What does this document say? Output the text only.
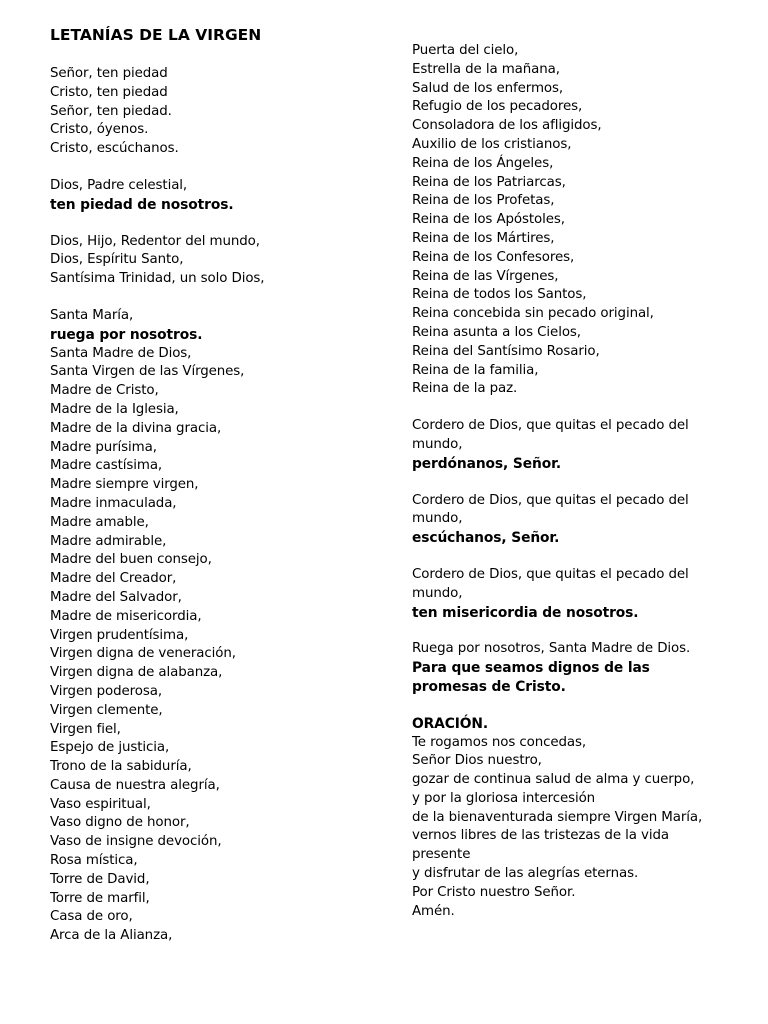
LETANÍAS DE LA VIRGEN
Señor, ten piedad
Cristo, ten piedad
Señor, ten piedad.
Cristo, óyenos.
Cristo, escúchanos.
Dios, Padre celestial,
ten piedad de nosotros.
Dios, Hijo, Redentor del mundo,
Dios, Espíritu Santo,
Santísima Trinidad, un solo Dios,
Santa María,
ruega por nosotros.
Santa Madre de Dios,
Santa Virgen de las Vírgenes,
Madre de Cristo,
Madre de la Iglesia,
Madre de la divina gracia,
Madre purísima,
Madre castísima,
Madre siempre virgen,
Madre inmaculada,
Madre amable,
Madre admirable,
Madre del buen consejo,
Madre del Creador,
Madre del Salvador,
Madre de misericordia,
Virgen prudentísima,
Virgen digna de veneración,
Virgen digna de alabanza,
Virgen poderosa,
Virgen clemente,
Virgen fiel,
Espejo de justicia,
Trono de la sabiduría,
Causa de nuestra alegría,
Vaso espiritual,
Vaso digno de honor,
Vaso de insigne devoción,
Rosa mística,
Torre de David,
Torre de marfil,
Casa de oro,
Arca de la Alianza,
Puerta del cielo,
Estrella de la mañana,
Salud de los enfermos,
Refugio de los pecadores,
Consoladora de los afligidos,
Auxilio de los cristianos,
Reina de los Ángeles,
Reina de los Patriarcas,
Reina de los Profetas,
Reina de los Apóstoles,
Reina de los Mártires,
Reina de los Confesores,
Reina de las Vírgenes,
Reina de todos los Santos,
Reina concebida sin pecado original,
Reina asunta a los Cielos,
Reina del Santísimo Rosario,
Reina de la familia,
Reina de la paz.
Cordero de Dios, que quitas el pecado del
mundo,
perdónanos, Señor.
Cordero de Dios, que quitas el pecado del
mundo,
escúchanos, Señor.
Cordero de Dios, que quitas el pecado del
mundo,
ten misericordia de nosotros.
Ruega por nosotros, Santa Madre de Dios.
Para que seamos dignos de las
promesas de Cristo.
ORACIÓN.
Te rogamos nos concedas,
Señor Dios nuestro,
gozar de continua salud de alma y cuerpo,
y por la gloriosa intercesión
de la bienaventurada siempre Virgen María,
vernos libres de las tristezas de la vida
presente
y disfrutar de las alegrías eternas.
Por Cristo nuestro Señor.
Amén.
